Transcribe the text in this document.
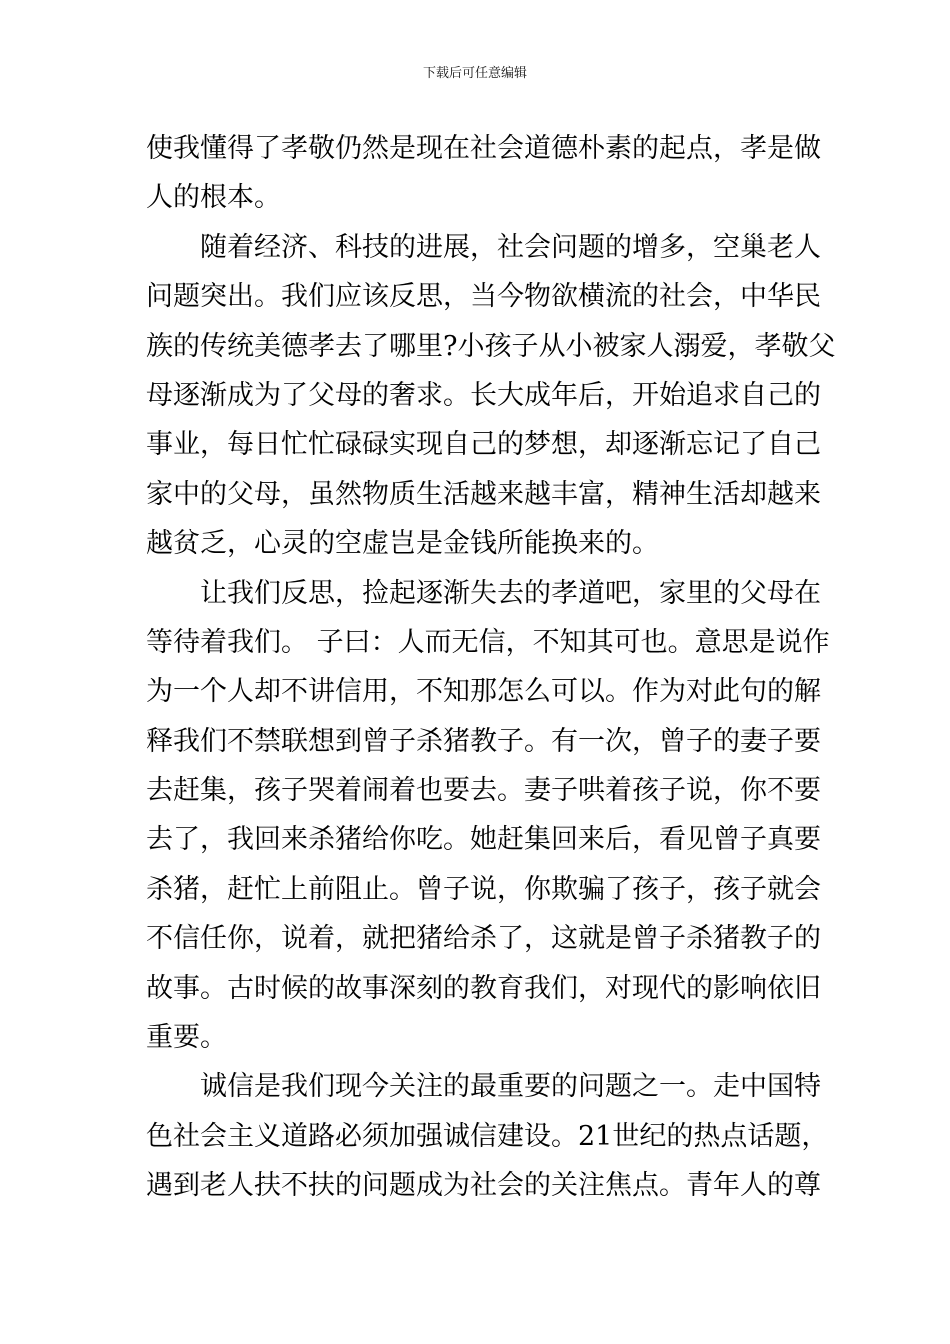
下载后可任意编辑
使我懂得了孝敬仍然是现在社会道德朴素的起点，孝是做
人的根本。
随着经济、科技的进展，社会问题的增多，空巢老人
问题突出。我们应该反思，当今物欲横流的社会，中华民
族的传统美德孝去了哪里?小孩子从小被家人溺爱，孝敬父
母逐渐成为了父母的奢求。长大成年后，开始追求自己的
事业，每日忙忙碌碌实现自己的梦想，却逐渐忘记了自己
家中的父母，虽然物质生活越来越丰富，精神生活却越来
越贫乏，心灵的空虚岂是金钱所能换来的。
让我们反思，捡起逐渐失去的孝道吧，家里的父母在
等待着我们。 子曰：人而无信，不知其可也。意思是说作
为一个人却不讲信用，不知那怎么可以。作为对此句的解
释我们不禁联想到曾子杀猪教子。有一次，曾子的妻子要
去赶集，孩子哭着闹着也要去。妻子哄着孩子说，你不要
去了，我回来杀猪给你吃。她赶集回来后，看见曾子真要
杀猪，赶忙上前阻止。曾子说，你欺骗了孩子，孩子就会
不信任你，说着，就把猪给杀了，这就是曾子杀猪教子的
故事。古时候的故事深刻的教育我们，对现代的影响依旧
重要。
诚信是我们现今关注的最重要的问题之一。走中国特
色社会主义道路必须加强诚信建设。21世纪的热点话题，
遇到老人扶不扶的问题成为社会的关注焦点。青年人的尊
